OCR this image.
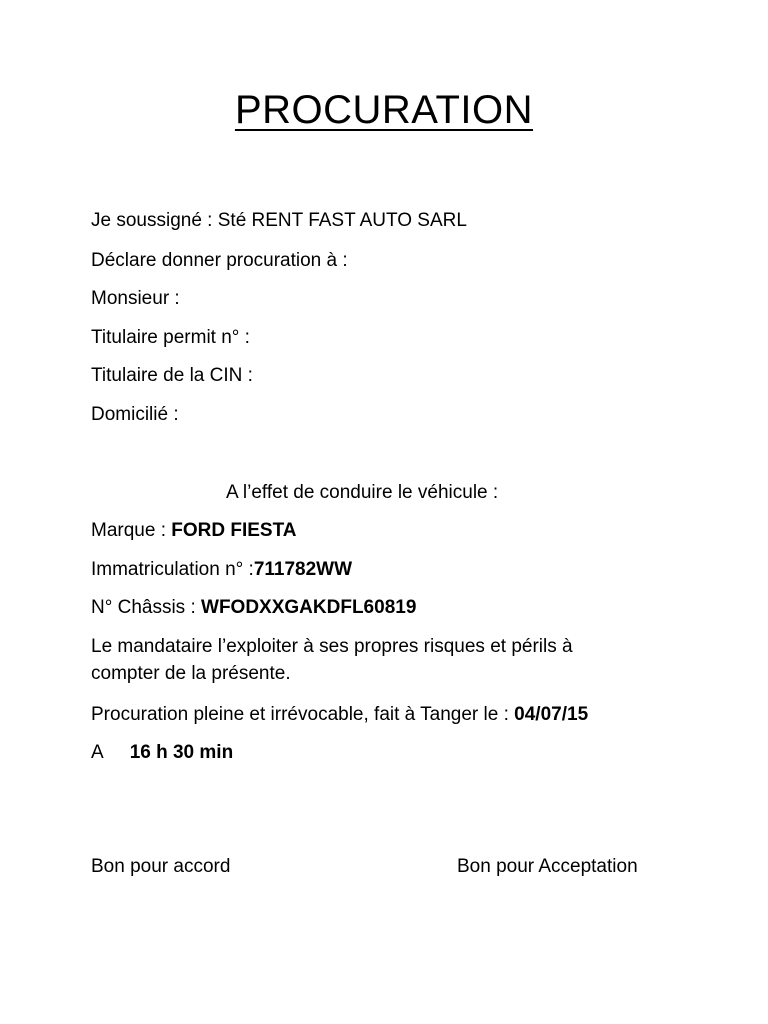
PROCURATION
Je soussigné : Sté RENT FAST AUTO SARL
Déclare donner procuration à :
Monsieur :
Titulaire permit n° :
Titulaire de la CIN :
Domicilié :
A l’effet de conduire le véhicule :
Marque : FORD FIESTA
Immatriculation n° :711782WW
N° Châssis : WFODXXGAKDFL60819
Le mandataire l’exploiter à ses propres risques et périls à
compter de la présente.
Procuration pleine et irrévocable, fait à Tanger le : 04/07/15
A 16 h 30 min
Bon pour accord	Bon pour Acceptation
